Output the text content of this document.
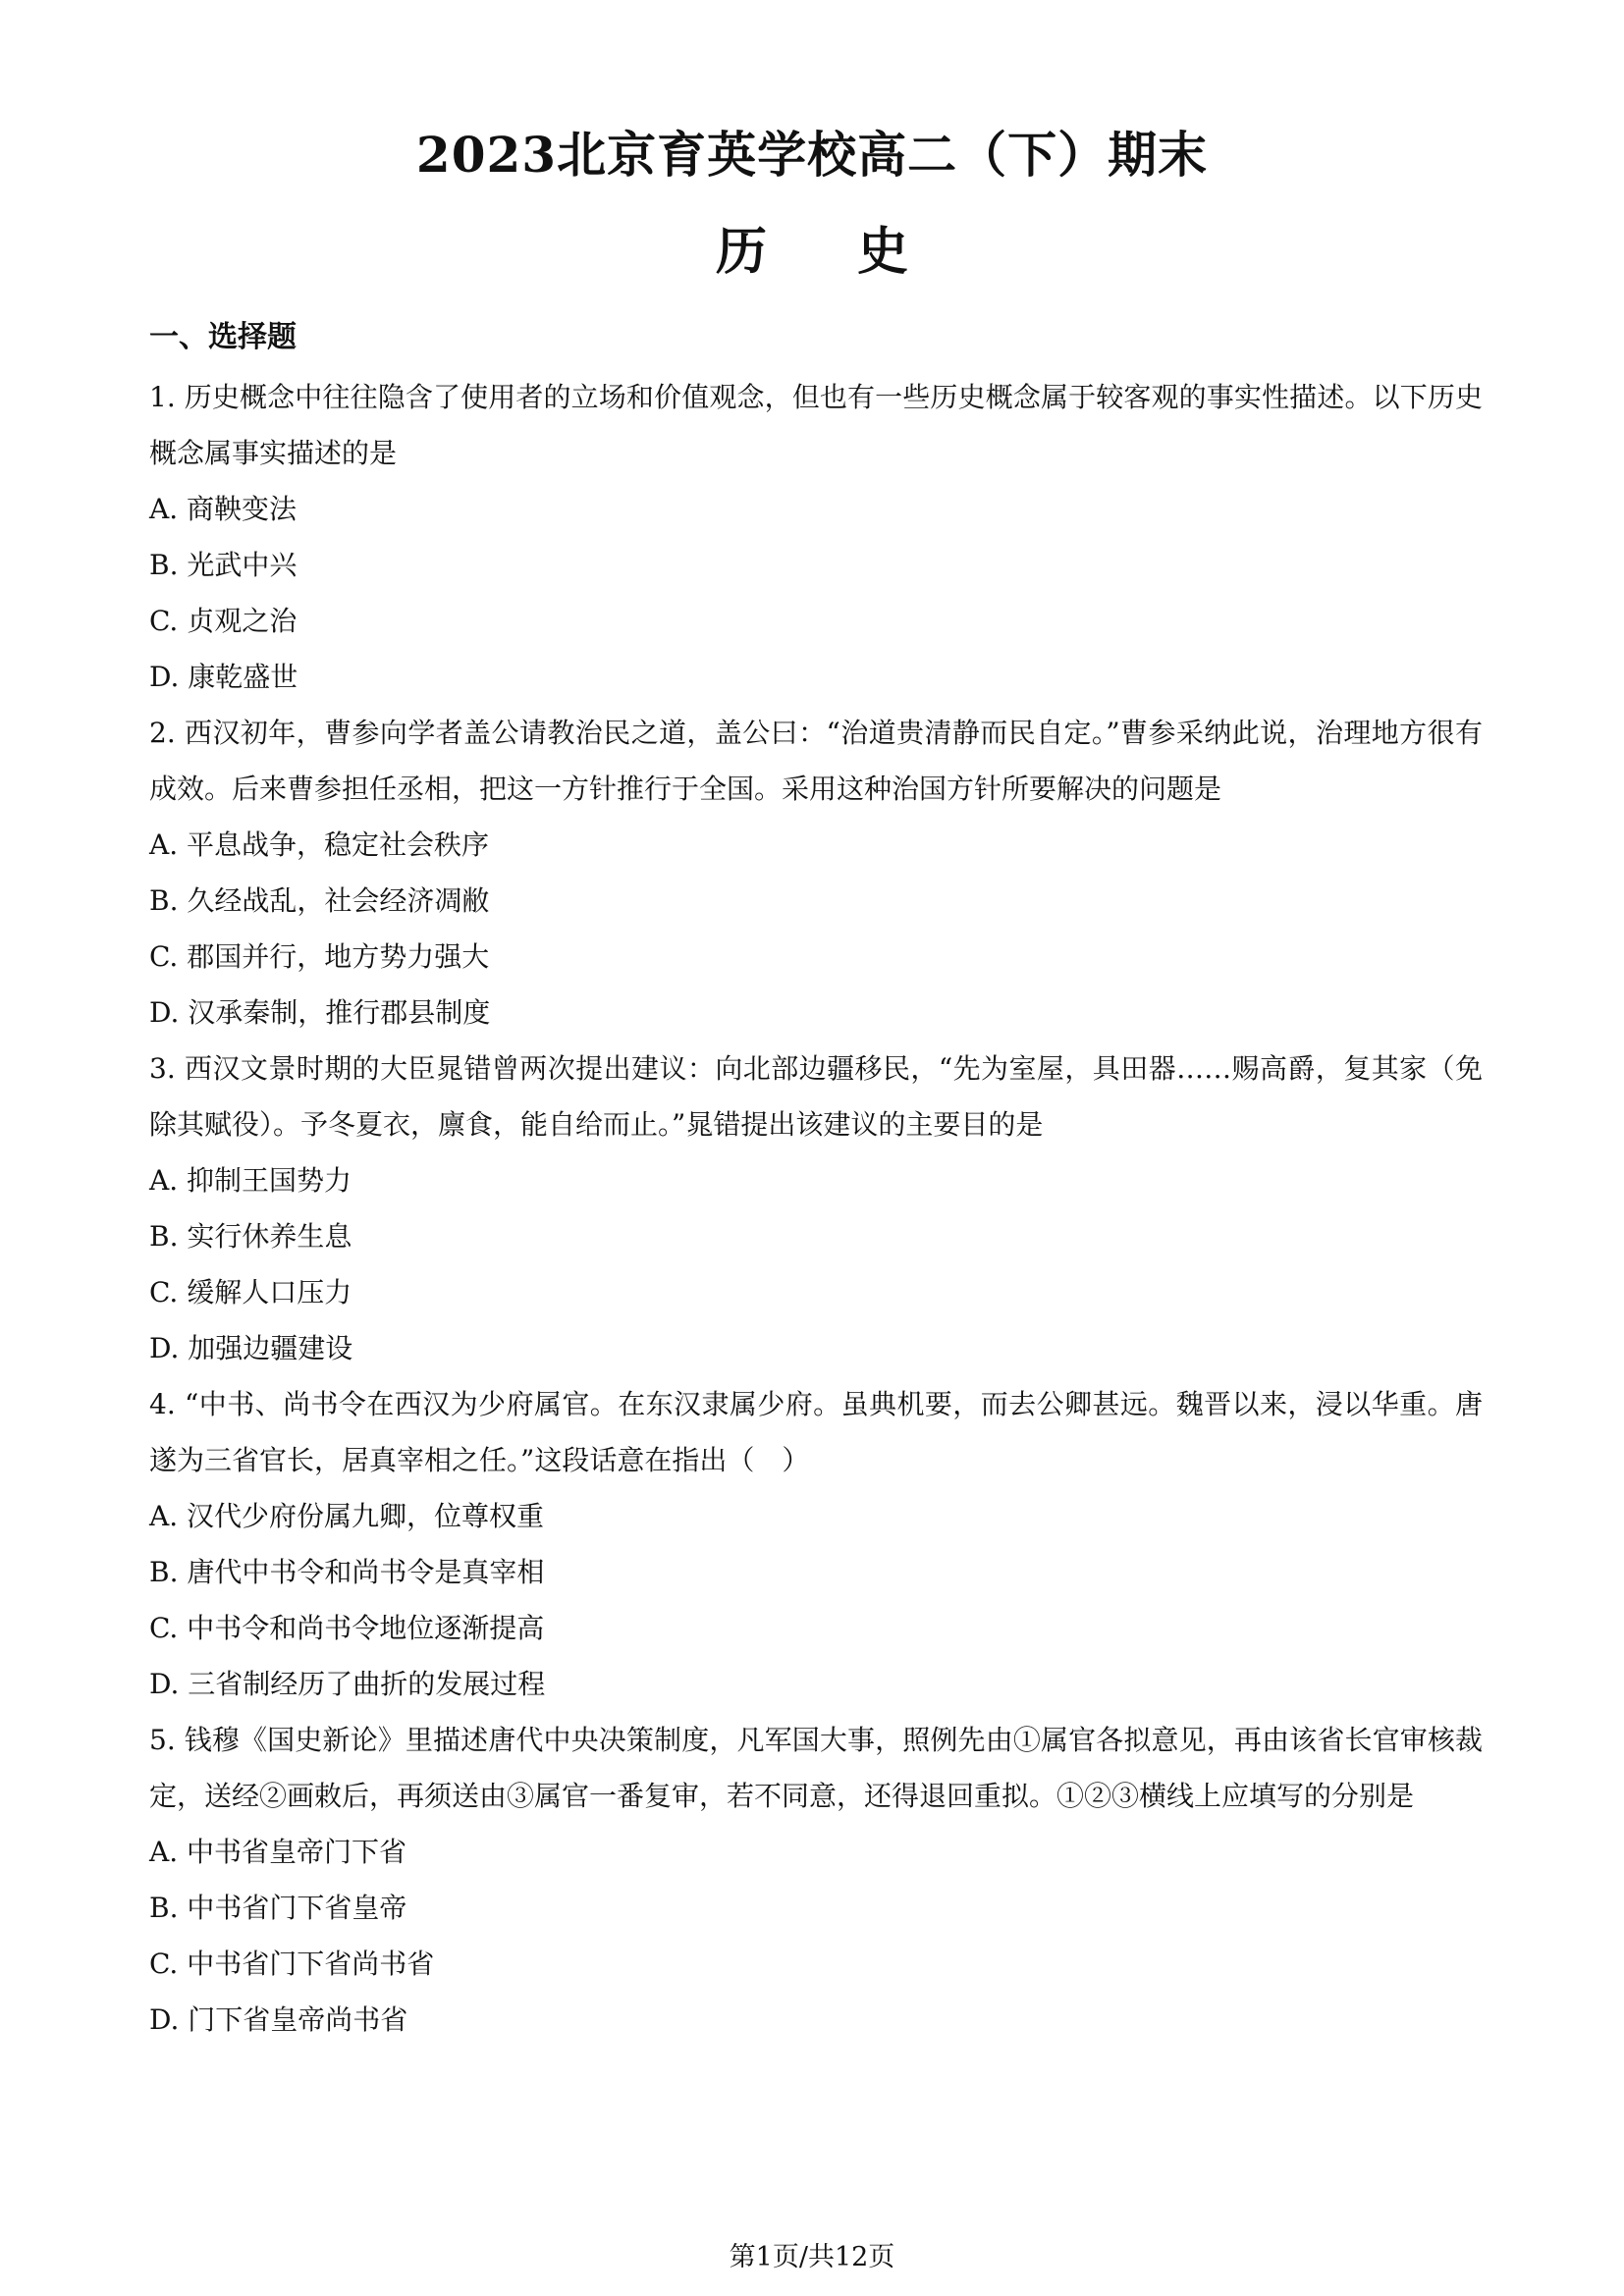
2023北京育英学校高二（下）期末
历史
一、选择题

1. 历史概念中往往隐含了使用者的立场和价值观念，但也有一些历史概念属于较客观的事实性描述。以下历史概念属事实描述的是

A. 商鞅变法

B. 光武中兴

C. 贞观之治

D. 康乾盛世

2. 西汉初年，曹参向学者盖公请教治民之道，盖公曰：“治道贵清静而民自定。”曹参采纳此说，治理地方很有成效。后来曹参担任丞相，把这一方针推行于全国。采用这种治国方针所要解决的问题是

A. 平息战争，稳定社会秩序

B. 久经战乱，社会经济凋敝

C. 郡国并行，地方势力强大

D. 汉承秦制，推行郡县制度

3. 西汉文景时期的大臣晁错曾两次提出建议：向北部边疆移民，“先为室屋，具田器……赐高爵，复其家（免除其赋役）。予冬夏衣，廪食，能自给而止。”晁错提出该建议的主要目的是

A. 抑制王国势力

B. 实行休养生息

C. 缓解人口压力

D. 加强边疆建设

4. “中书、尚书令在西汉为少府属官。在东汉隶属少府。虽典机要，而去公卿甚远。魏晋以来，浸以华重。唐遂为三省官长，居真宰相之任。”这段话意在指出（　）

A. 汉代少府份属九卿，位尊权重

B. 唐代中书令和尚书令是真宰相

C. 中书令和尚书令地位逐渐提高

D. 三省制经历了曲折的发展过程

5. 钱穆《国史新论》里描述唐代中央决策制度，凡军国大事，照例先由①属官各拟意见，再由该省长官审核裁定，送经②画敕后，再须送由③属官一番复审，若不同意，还得退回重拟。①②③横线上应填写的分别是

A. 中书省皇帝门下省

B. 中书省门下省皇帝

C. 中书省门下省尚书省

D. 门下省皇帝尚书省

第1页/共12页
